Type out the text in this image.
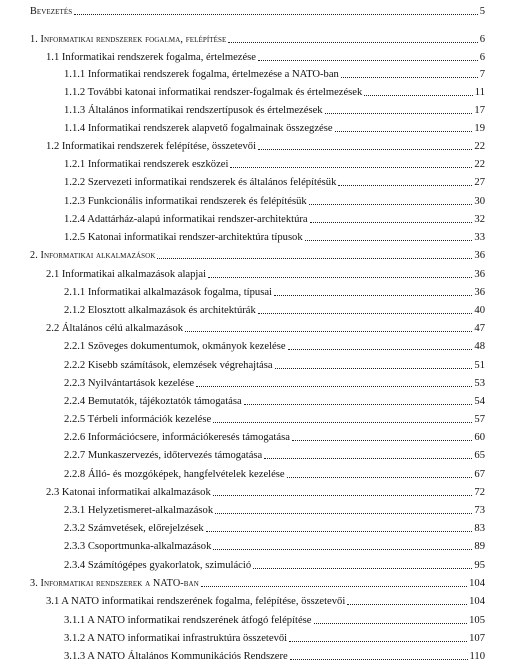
Bevezetés	5
1. Informatikai rendszerek fogalma, felépítése	6
1.1 Informatikai rendszerek fogalma, értelmezése	6
1.1.1 Informatikai rendszerek fogalma, értelmezése a NATO-ban	7
1.1.2 További katonai informatikai rendszer-fogalmak és értelmezések	11
1.1.3 Általános informatikai rendszertípusok és értelmezések	17
1.1.4 Informatikai rendszerek alapvető fogalmainak összegzése	19
1.2 Informatikai rendszerek felépítése, összetevői	22
1.2.1 Informatikai rendszerek eszközei	22
1.2.2 Szervezeti informatikai rendszerek és általános felépítésük	27
1.2.3 Funkcionális informatikai rendszerek és felépítésük	30
1.2.4 Adattárház-alapú informatikai rendszer-architektúra	32
1.2.5 Katonai informatikai rendszer-architektúra típusok	33
2. Informatikai alkalmazások	36
2.1 Informatikai alkalmazások alapjai	36
2.1.1 Informatikai alkalmazások fogalma, típusai	36
2.1.2 Elosztott alkalmazások és architektúrák	40
2.2 Általános célú alkalmazások	47
2.2.1 Szöveges dokumentumok, okmányok kezelése	48
2.2.2 Kisebb számítások, elemzések végrehajtása	51
2.2.3 Nyilvántartások kezelése	53
2.2.4 Bemutatók, tájékoztatók támogatása	54
2.2.5 Térbeli információk kezelése	57
2.2.6 Információcsere, információkeresés támogatása	60
2.2.7 Munkaszervezés, időtervezés támogatása	65
2.2.8 Álló- és mozgóképek, hangfelvételek kezelése	67
2.3 Katonai informatikai alkalmazások	72
2.3.1 Helyzetismeret-alkalmazások	73
2.3.2 Számvetések, előrejelzések	83
2.3.3 Csoportmunka-alkalmazások	89
2.3.4 Számítógépes gyakorlatok, szimuláció	95
3. Informatikai rendszerek a NATO-ban	104
3.1 A NATO informatikai rendszerének fogalma, felépítése, összetevői	104
3.1.1 A NATO informatikai rendszerének átfogó felépítése	105
3.1.2 A NATO informatikai infrastruktúra összetevői	107
3.1.3 A NATO Általános Kommunikációs Rendszere	110
